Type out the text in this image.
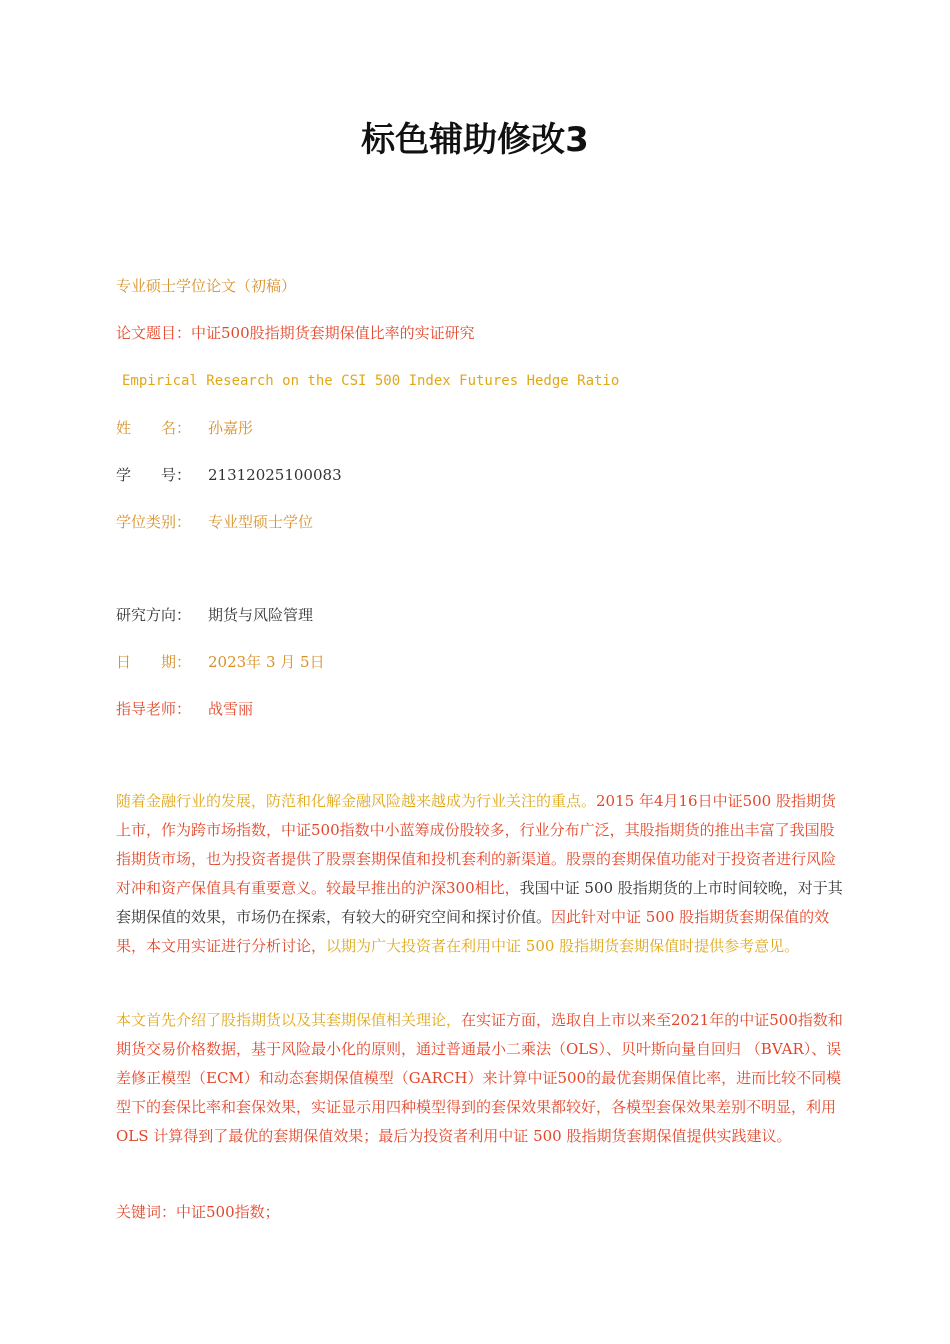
标色辅助修改3
专业硕士学位论文（初稿）
论文题目：中证500股指期货套期保值比率的实证研究
Empirical Research on the CSI 500 Index Futures Hedge Ratio
姓　　名： 孙嘉彤
学　　号： 21312025100083
学位类别： 专业型硕士学位
研究方向： 期货与风险管理
日　　期： 2023年 3 月 5日
指导老师： 战雪丽

随着金融行业的发展，防范和化解金融风险越来越成为行业关注的重点。2015 年4月16日中证500 股指期货上市，作为跨市场指数，中证500指数中小蓝筹成份股较多，行业分布广泛，其股指期货的推出丰富了我国股指期货市场，也为投资者提供了股票套期保值和投机套利的新渠道。股票的套期保值功能对于投资者进行风险对冲和资产保值具有重要意义。较最早推出的沪深300相比，我国中证 500 股指期货的上市时间较晚，对于其套期保值的效果，市场仍在探索，有较大的研究空间和探讨价值。因此针对中证 500 股指期货套期保值的效果，本文用实证进行分析讨论，以期为广大投资者在利用中证 500 股指期货套期保值时提供参考意见。

本文首先介绍了股指期货以及其套期保值相关理论，在实证方面，选取自上市以来至2021年的中证500指数和期货交易价格数据，基于风险最小化的原则，通过普通最小二乘法（OLS）、贝叶斯向量自回归 （BVAR）、误差修正模型（ECM）和动态套期保值模型（GARCH）来计算中证500的最优套期保值比率，进而比较不同模型下的套保比率和套保效果，实证显示用四种模型得到的套保效果都较好，各模型套保效果差别不明显，利用 OLS 计算得到了最优的套期保值效果；最后为投资者利用中证 500 股指期货套期保值提供实践建议。

关键词：中证500指数；
